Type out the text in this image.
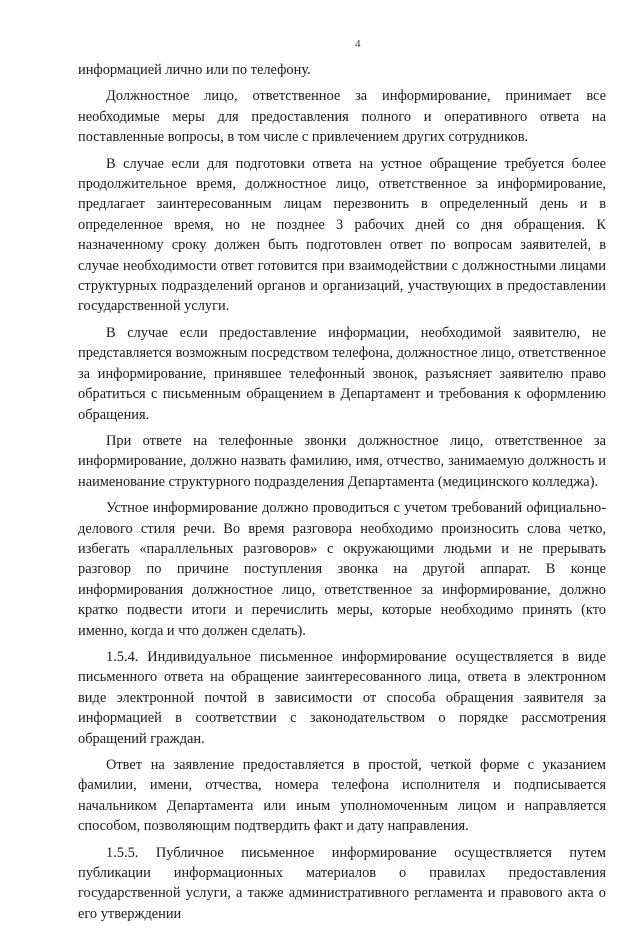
4

информацией лично или по телефону.

Должностное лицо, ответственное за информирование, принимает все необходимые меры для предоставления полного и оперативного ответа на поставленные вопросы, в том числе с привлечением других сотрудников.

В случае если для подготовки ответа на устное обращение требуется более продолжительное время, должностное лицо, ответственное за информирование, предлагает заинтересованным лицам перезвонить в определенный день и в определенное время, но не позднее 3 рабочих дней со дня обращения. К назначенному сроку должен быть подготовлен ответ по вопросам заявителей, в случае необходимости ответ готовится при взаимодействии с должностными лицами структурных подразделений органов и организаций, участвующих в предоставлении государственной услуги.

В случае если предоставление информации, необходимой заявителю, не представляется возможным посредством телефона, должностное лицо, ответственное за информирование, принявшее телефонный звонок, разъясняет заявителю право обратиться с письменным обращением в Департамент и требования к оформлению обращения.

При ответе на телефонные звонки должностное лицо, ответственное за информирование, должно назвать фамилию, имя, отчество, занимаемую должность и наименование структурного подразделения Департамента (медицинского колледжа).

Устное информирование должно проводиться с учетом требований официально-делового стиля речи. Во время разговора необходимо произносить слова четко, избегать «параллельных разговоров» с окружающими людьми и не прерывать разговор по причине поступления звонка на другой аппарат. В конце информирования должностное лицо, ответственное за информирование, должно кратко подвести итоги и перечислить меры, которые необходимо принять (кто именно, когда и что должен сделать).

1.5.4. Индивидуальное письменное информирование осуществляется в виде письменного ответа на обращение заинтересованного лица, ответа в электронном виде электронной почтой в зависимости от способа обращения заявителя за информацией в соответствии с законодательством о порядке рассмотрения обращений граждан.

Ответ на заявление предоставляется в простой, четкой форме с указанием фамилии, имени, отчества, номера телефона исполнителя и подписывается начальником Департамента или иным уполномоченным лицом и направляется способом, позволяющим подтвердить факт и дату направления.

1.5.5. Публичное письменное информирование осуществляется путем публикации информационных материалов о правилах предоставления государственной услуги, а также административного регламента и правового акта о его утверждении
